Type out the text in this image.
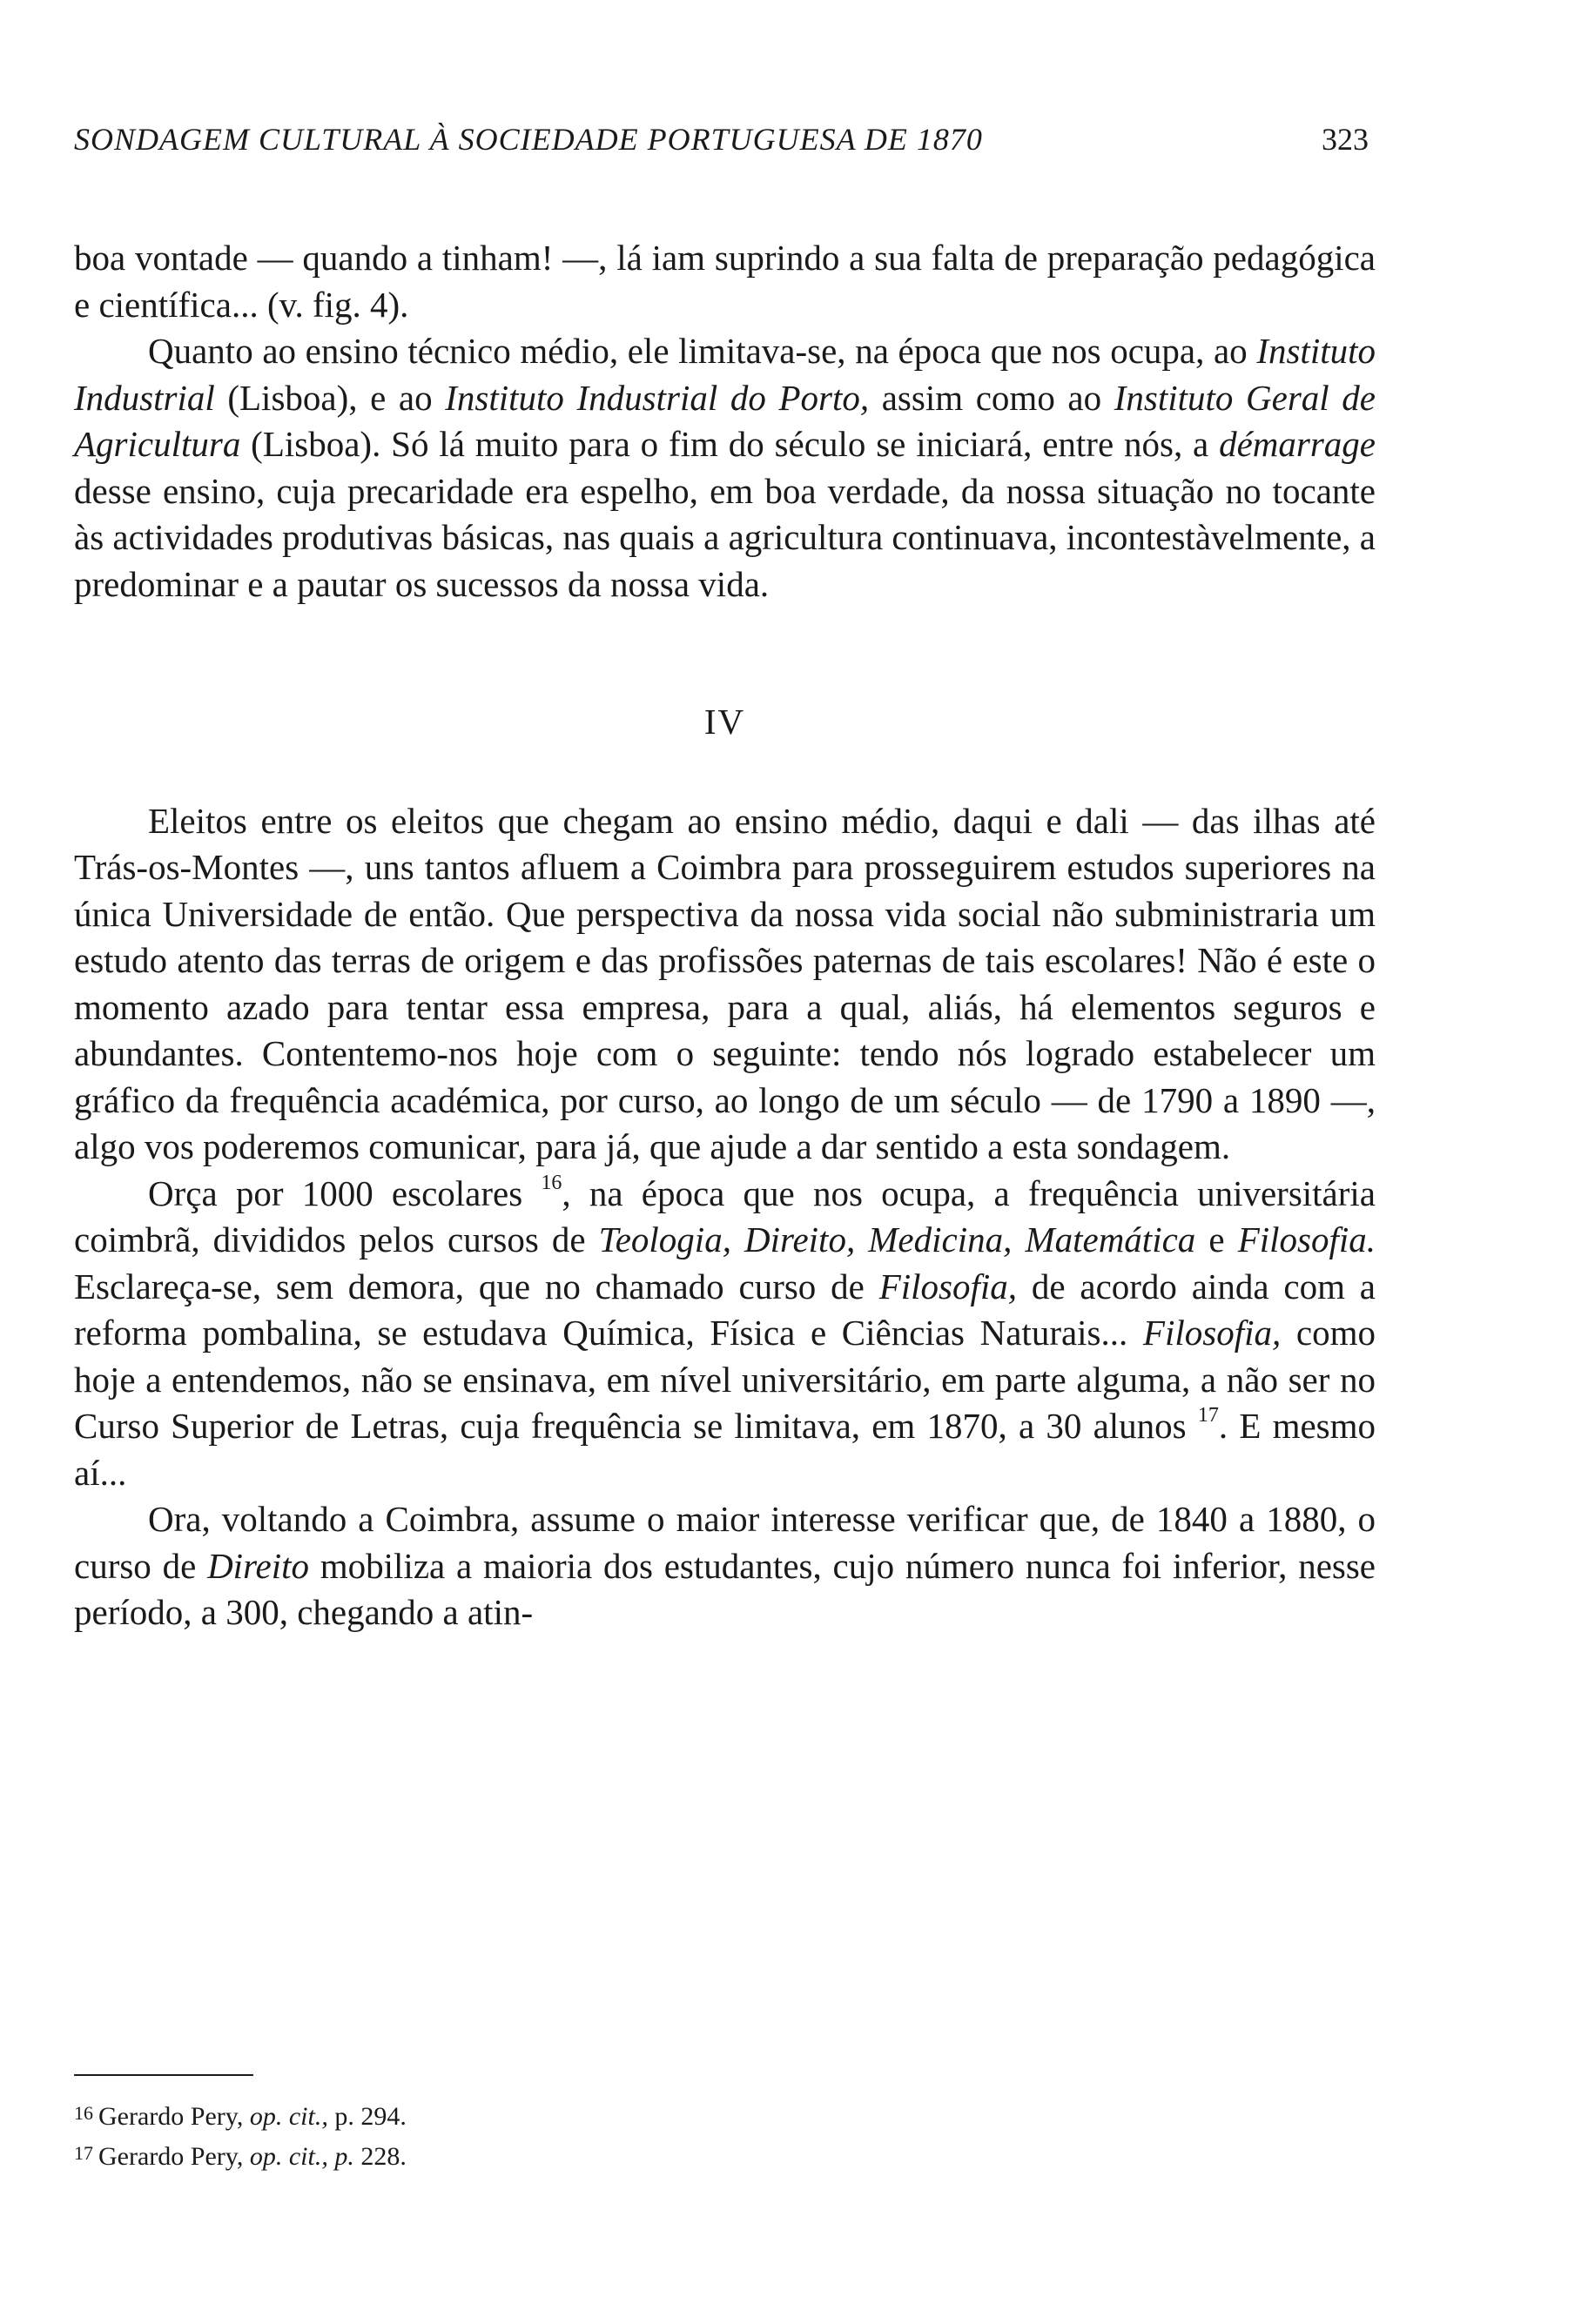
SONDAGEM CULTURAL À SOCIEDADE PORTUGUESA DE 1870	323

boa vontade — quando a tinham! —, lá iam suprindo a sua falta de preparação pedagógica e científica... (v. fig. 4).

Quanto ao ensino técnico médio, ele limitava-se, na época que nos ocupa, ao Instituto Industrial (Lisboa), e ao Instituto Industrial do Porto, assim como ao Instituto Geral de Agricultura (Lisboa). Só lá muito para o fim do século se iniciará, entre nós, a démarrage desse ensino, cuja precaridade era espelho, em boa verdade, da nossa situação no tocante às actividades produtivas básicas, nas quais a agricultura continuava, incontestàvelmente, a predominar e a pautar os sucessos da nossa vida.

IV

Eleitos entre os eleitos que chegam ao ensino médio, daqui e dali — das ilhas até Trás-os-Montes —, uns tantos afluem a Coimbra para prosseguirem estudos superiores na única Universidade de então. Que perspectiva da nossa vida social não subministraria um estudo atento das terras de origem e das profissões paternas de tais escolares! Não é este o momento azado para tentar essa empresa, para a qual, aliás, há elementos seguros e abundantes. Contentemo-nos hoje com o seguinte: tendo nós logrado estabelecer um gráfico da frequência académica, por curso, ao longo de um século — de 1790 a 1890 —, algo vos poderemos comunicar, para já, que ajude a dar sentido a esta sondagem.

Orça por 1000 escolares $^{16}$, na época que nos ocupa, a frequência universitária coimbrã, divididos pelos cursos de Teologia, Direito, Medicina, Matemática e Filosofia. Esclareça-se, sem demora, que no chamado curso de Filosofia, de acordo ainda com a reforma pombalina, se estudava Química, Física e Ciências Naturais... Filosofia, como hoje a entendemos, não se ensinava, em nível universitário, em parte alguma, a não ser no Curso Superior de Letras, cuja frequência se limitava, em 1870, a 30 alunos $^{17}$. E mesmo aí...

Ora, voltando a Coimbra, assume o maior interesse verificar que, de 1840 a 1880, o curso de Direito mobiliza a maioria dos estudantes, cujo número nunca foi inferior, nesse período, a 300, chegando a atin-

$^{16}$ Gerardo Pery, op. cit., p. 294.
$^{17}$ Gerardo Pery, op. cit., p. 228.
